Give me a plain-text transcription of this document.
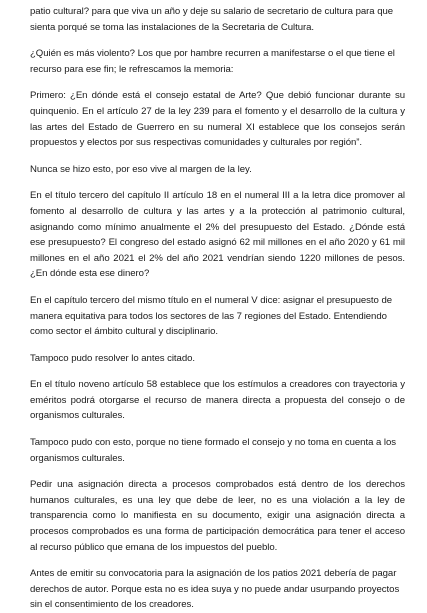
patio cultural? para que viva un año y deje su salario de secretario de cultura para que sienta porqué se toma las instalaciones de la Secretaria de Cultura.

¿Quién es más violento? Los que por hambre recurren a manifestarse o el que tiene el recurso para ese fin; le refrescamos la memoria:

Primero: ¿En dónde está el consejo estatal de Arte? Que debió funcionar durante su quinquenio. En el artículo 27 de la ley 239 para el fomento y el desarrollo de la cultura y las artes del Estado de Guerrero en su numeral XI establece que los consejos serán propuestos y electos por sus respectivas comunidades y culturales por región”.

Nunca se hizo esto, por eso vive al margen de la ley.

En el título tercero del capítulo II artículo 18 en el numeral III a la letra dice promover al fomento al desarrollo de cultura y las artes y a la protección al patrimonio cultural, asignando como mínimo anualmente el 2% del presupuesto del Estado. ¿Dónde está ese presupuesto? El congreso del estado asignó 62 mil millones en el año 2020 y 61 mil millones en el año 2021 el 2% del año 2021 vendrían siendo 1220 millones de pesos. ¿En dónde esta ese dinero?

En el capítulo tercero del mismo título en el numeral V dice: asignar el presupuesto de manera equitativa para todos los sectores de las 7 regiones del Estado. Entendiendo como sector el ámbito cultural y disciplinario.

Tampoco pudo resolver lo antes citado.

En el título noveno artículo 58 establece que los estímulos a creadores con trayectoria y eméritos podrá otorgarse el recurso de manera directa a propuesta del consejo o de organismos culturales.

Tampoco pudo con esto, porque no tiene formado el consejo y no toma en cuenta a los organismos culturales.

Pedir una asignación directa a procesos comprobados está dentro de los derechos humanos culturales, es una ley que debe de leer, no es una violación a la ley de transparencia como lo manifiesta en su documento, exigir una asignación directa a procesos comprobados es una forma de participación democrática para tener el acceso al recurso público que emana de los impuestos del pueblo.

Antes de emitir su convocatoria para la asignación de los patios 2021 debería de pagar derechos de autor. Porque esta no es idea suya y no puede andar usurpando proyectos sin el consentimiento de los creadores.
